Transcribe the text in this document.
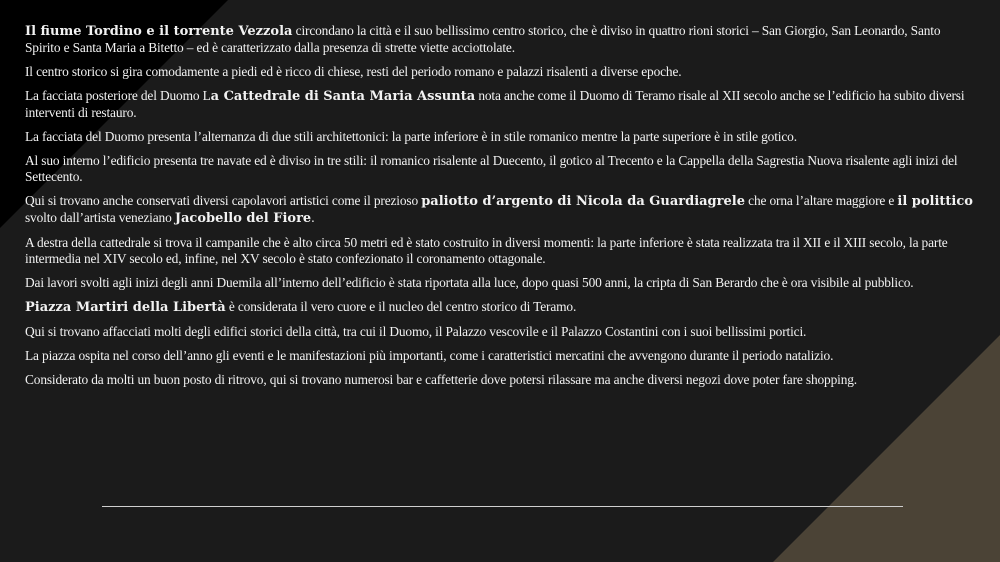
Il fiume Tordino e il torrente Vezzola circondano la città e il suo bellissimo centro storico, che è diviso in quattro rioni storici – San Giorgio, San Leonardo, Santo Spirito e Santa Maria a Bitetto – ed è caratterizzato dalla presenza di strette viette acciottolate.

Il centro storico si gira comodamente a piedi ed è ricco di chiese, resti del periodo romano e palazzi risalenti a diverse epoche.

La facciata posteriore del Duomo La Cattedrale di Santa Maria Assunta nota anche come il Duomo di Teramo risale al XII secolo anche se l’edificio ha subito diversi interventi di restauro.

La facciata del Duomo presenta l’alternanza di due stili architettonici: la parte inferiore è in stile romanico mentre la parte superiore è in stile gotico.

Al suo interno l’edificio presenta tre navate ed è diviso in tre stili: il romanico risalente al Duecento, il gotico al Trecento e la Cappella della Sagrestia Nuova risalente agli inizi del Settecento.

Qui si trovano anche conservati diversi capolavori artistici come il prezioso paliotto d’argento di Nicola da Guardiagrele che orna l’altare maggiore e il polittico svolto dall’artista veneziano Jacobello del Fiore.

A destra della cattedrale si trova il campanile che è alto circa 50 metri ed è stato costruito in diversi momenti: la parte inferiore è stata realizzata tra il XII e il XIII secolo, la parte intermedia nel XIV secolo ed, infine, nel XV secolo è stato confezionato il coronamento ottagonale.

Dai lavori svolti agli inizi degli anni Duemila all’interno dell’edificio è stata riportata alla luce, dopo quasi 500 anni, la cripta di San Berardo che è ora visibile al pubblico.

Piazza Martiri della Libertà è considerata il vero cuore e il nucleo del centro storico di Teramo.

Qui si trovano affacciati molti degli edifici storici della città, tra cui il Duomo, il Palazzo vescovile e il Palazzo Costantini con i suoi bellissimi portici.

La piazza ospita nel corso dell’anno gli eventi e le manifestazioni più importanti, come i caratteristici mercatini che avvengono durante il periodo natalizio.

Considerato da molti un buon posto di ritrovo, qui si trovano numerosi bar e caffetterie dove potersi rilassare ma anche diversi negozi dove poter fare shopping.
